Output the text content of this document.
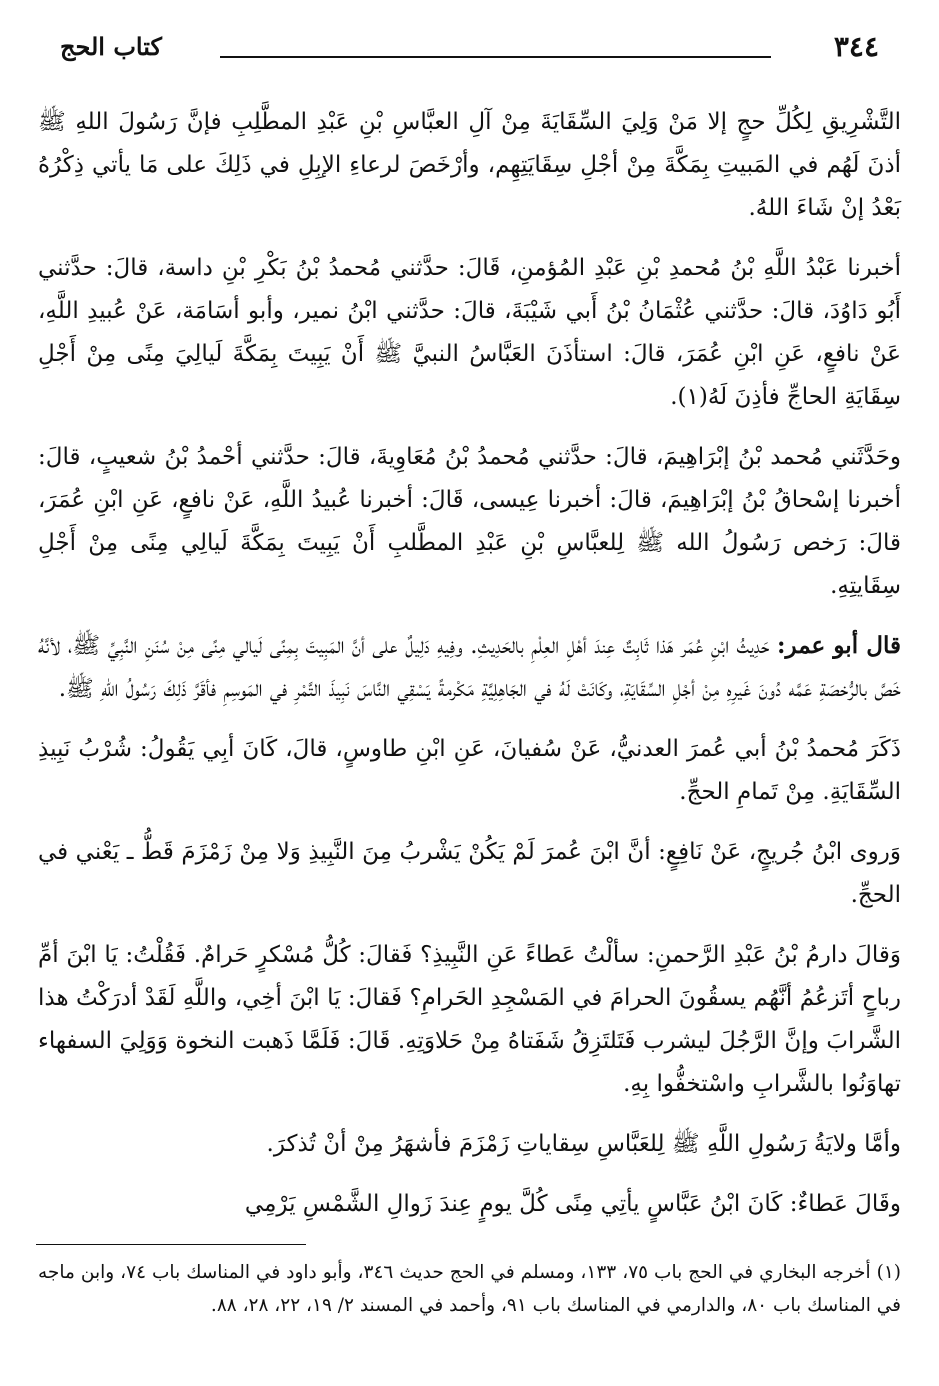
٣٤٤
كتاب الحج

التَّشْرِيقِ لِكُلِّ حجٍ إلا مَنْ وَلِيَ السِّقَايَةَ مِنْ آلِ العبَّاسِ بْنِ عَبْدِ المطَّلِبِ فإنَّ رَسُولَ اللهِ ﷺ أذنَ لَهُم في المَبيتِ بِمَكَّةَ مِنْ أجْلِ سِقَايَتِهِم، وأرْخَصَ لرعاءِ الإبِلِ في ذَلِكَ على مَا يأتي ذِكْرُهُ بَعْدُ إنْ شَاءَ اللهُ.

أخبرنا عَبْدُ اللَّهِ بْنُ مُحمدِ بْنِ عَبْدِ المُؤمنِ، قَالَ: حدَّثني مُحمدُ بْنُ بَكْرِ بْنِ داسة، قالَ: حدَّثني أَبُو دَاوُدَ، قالَ: حدَّثني عُثْمَانُ بْنُ أَبي شَيْبَةَ، قالَ: حدَّثني ابْنُ نمير، وأبو أسَامَة، عَنْ عُبيدِ اللَّهِ، عَنْ نافعٍ، عَنِ ابْنِ عُمَرَ، قالَ: استأذَنَ العَبَّاسُ النبيَّ ﷺ أَنْ يَبِيتَ بِمَكَّةَ لَيالِيَ مِنًى مِنْ أَجْلِ سِقَايَةِ الحاجِّ فأذِنَ لَهُ(١).

وحَدَّثَني مُحمد بْنُ إبْرَاهِيمَ، قالَ: حدَّثني مُحمدُ بْنُ مُعَاوِيةَ، قالَ: حدَّثني أحْمدُ بْنُ شعيبٍ، قالَ: أخبرنا إسْحاقُ بْنُ إبْرَاهِيمَ، قالَ: أخبرنا عِيسى، قَالَ: أخبرنا عُبيدُ اللَّهِ، عَنْ نافعٍ، عَنِ ابْنِ عُمَرَ، قالَ: رَخص رَسُولُ الله ﷺ لِلعبَّاسِ بْنِ عَبْدِ المطَّلبِ أَنْ يَبِيتَ بِمَكَّةَ لَيالِي مِنًى مِنْ أَجْلِ سِقَايتِهِ.

قال أبو عمر: حَدِيثُ ابْنِ عُمَر هَذا ثَابِتٌ عِندَ أهْلِ العِلْمِ بالحَدِيثِ. وفِيهِ دَلِيلٌ على أنَّ المَبِيتَ بِمِنًى لَيالي مِنًى مِنْ سُنَنِ النَّبِيِّ ﷺ، لأنَّهُ خَصَّ بالرُّخصَةِ عَمَّه دُونَ غَيرِهِ مِنْ أجْلِ السِّقَايَةِ، وكَانَتْ لَهُ في الجَاهِلِيَّةِ مَكْرمةً يَسْقِي النَّاسَ نَبِيذَ التَّمْرِ في المَوسِمِ فأقَرَّ ذَلِكَ رَسُولُ اللهِ ﷺ.

ذَكَرَ مُحمدُ بْنُ أبي عُمرَ العدنيُّ، عَنْ سُفيانَ، عَنِ ابْنِ طاوسٍ، قالَ، كَانَ أبِي يَقُولُ: شُرْبُ نَبِيذِ السِّقَايَةِ. مِنْ تَمامِ الحجِّ.

وَروى ابْنُ جُريجٍ، عَنْ نَافِعٍ: أنَّ ابْنَ عُمرَ لَمْ يَكُنْ يَشْربُ مِنَ النَّبِيذِ وَلا مِنْ زَمْزَمَ قَطُّ ـ يَعْني في الحجِّ.

وَقالَ دارمُ بْنُ عَبْدِ الرَّحمنِ: سألْتُ عَطاءً عَنِ النَّبِيذِ؟ فَقالَ: كُلُّ مُسْكرٍ حَرامٌ. فَقُلْتُ: يَا ابْنَ أمِّ رباحٍ أتَزعُمُ أنَّهُم يسقُونَ الحرامَ في المَسْجِدِ الحَرامِ؟ فَقالَ: يَا ابْنَ أخِي، واللَّهِ لَقَدْ أدرَكْتُ هذا الشَّرابَ وإنَّ الرَّجُلَ ليشرب فَتَلتَزِقُ شَفَتاهُ مِنْ حَلاوَتِهِ. قَالَ: فَلَمَّا ذَهبت النخوة وَوَلِيَ السفهاء تهاوَنُوا بالشَّرابِ واسْتخفُّوا بِهِ.

وأمَّا ولايَةُ رَسُولِ اللَّهِ ﷺ لِلعَبَّاسِ سِقاياتِ زَمْزَمَ فأشهَرُ مِنْ أنْ تُذكرَ.

وقَالَ عَطاءٌ: كَانَ ابْنُ عَبَّاسٍ يأتِي مِنًى كُلَّ يومٍ عِندَ زَوالِ الشَّمْسِ يَرْمِي

(١) أخرجه البخاري في الحج باب ٧٥، ١٣٣، ومسلم في الحج حديث ٣٤٦، وأبو داود في المناسك باب ٧٤، وابن ماجه في المناسك باب ٨٠، والدارمي في المناسك باب ٩١، وأحمد في المسند ٢/ ١٩، ٢٢، ٢٨، ٨٨.
